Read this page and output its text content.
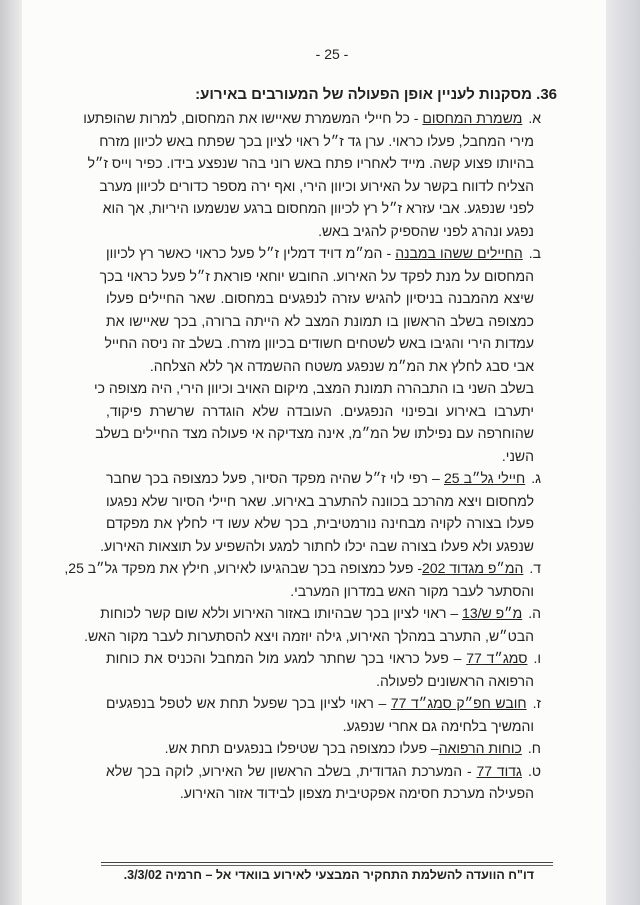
- 25 -
36. מסקנות לעניין אופן הפעולה של המעורבים באירוע:
א.משמרת המחסום - כל חיילי המשמרת שאיישו את המחסום, למרות שהופתעו
מירי המחבל, פעלו כראוי. ערן גד ז״ל ראוי לציון בכך שפתח באש לכיוון מזרח
בהיותו פצוע קשה. מייד לאחריו פתח באש רוני בהר שנפצע בידו. כפיר וייס ז״ל
הצליח לדווח בקשר על האירוע וכיוון הירי, ואף ירה מספר כדורים לכיוון מערב
לפני שנפגע. אבי עזרא ז״ל רץ לכיוון המחסום ברגע שנשמעו היריות, אך הוא
נפגע ונהרג לפני שהספיק להגיב באש.
ב.החיילים ששהו במבנה - המ״מ דויד דמלין ז״ל פעל כראוי כאשר רץ לכיוון
המחסום על מנת לפקד על האירוע. החובש יוחאי פוראת ז״ל פעל כראוי בכך
שיצא מהמבנה בניסיון להגיש עזרה לנפגעים במחסום. שאר החיילים פעלו
כמצופה בשלב הראשון בו תמונת המצב לא הייתה ברורה, בכך שאיישו את
עמדות הירי והגיבו באש לשטחים חשודים בכיוון מזרח. בשלב זה ניסה החייל
אבי סבג לחלץ את המ״מ שנפגע משטח ההשמדה אך ללא הצלחה.
בשלב השני בו התבהרה תמונת המצב, מיקום האויב וכיוון הירי, היה מצופה כי
יתערבו באירוע ובפינוי הנפגעים. העובדה שלא הוגדרה שרשרת פיקוד,
שהוחרפה עם נפילתו של המ״מ, אינה מצדיקה אי פעולה מצד החיילים בשלב
השני.
ג.חיילי גל״ב 25 – רפי לוי ז״ל שהיה מפקד הסיור, פעל כמצופה בכך שחבר
למחסום ויצא מהרכב בכוונה להתערב באירוע. שאר חיילי הסיור שלא נפגעו
פעלו בצורה לקויה מבחינה נורמטיבית, בכך שלא עשו די לחלץ את מפקדם
שנפגע ולא פעלו בצורה שבה יכלו לחתור למגע ולהשפיע על תוצאות האירוע.
ד.המ״פ מגדוד 202- פעל כמצופה בכך שבהגיעו לאירוע, חילץ את מפקד גל״ב 25,
והסתער לעבר מקור האש במדרון המערבי.
ה.מ״פ ש/13 – ראוי לציון בכך שבהיותו באזור האירוע וללא שום קשר לכוחות
הבט״ש, התערב במהלך האירוע, גילה יוזמה ויצא להסתערות לעבר מקור האש.
ו.סמג״ד 77 – פעל כראוי בכך שחתר למגע מול המחבל והכניס את כוחות
הרפואה הראשונים לפעולה.
ז.חובש חפ״ק סמג״ד 77 – ראוי לציון בכך שפעל תחת אש לטפל בנפגעים
והמשיך בלחימה גם אחרי שנפגע.
ח.כוחות הרפואה– פעלו כמצופה בכך שטיפלו בנפגעים תחת אש.
ט.גדוד 77 - המערכת הגדודית, בשלב הראשון של האירוע, לוקה בכך שלא
הפעילה מערכת חסימה אפקטיבית מצפון לבידוד אזור האירוע.
דו"ח הוועדה להשלמת התחקיר המבצעי לאירוע בוואדי אל – חרמיה 3/3/02.
